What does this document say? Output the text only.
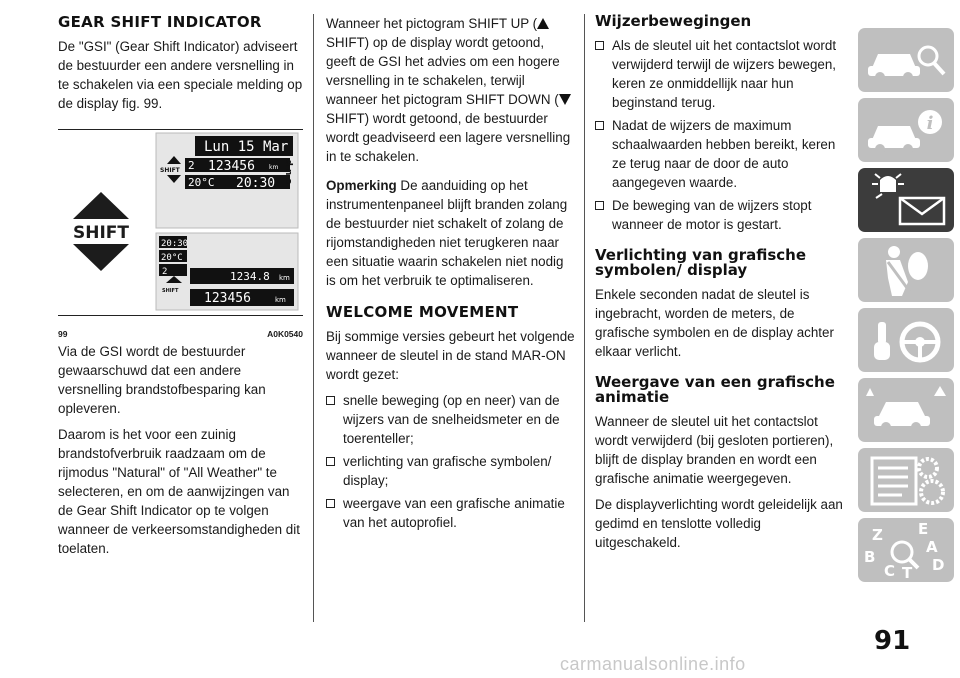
GEAR SHIFT INDICATOR

De "GSI" (Gear Shift Indicator) adviseert de bestuurder een andere versnelling in te schakelen via een speciale melding op de display fig. 99.

SHIFT
Lun 15 Mar
SHIFT 2 123456 km
20°C 20:30 d n a
20:30
20°C
2	1234.8 km
SHIFT 123456	km
99	A0K0540

Via de GSI wordt de bestuurder gewaarschuwd dat een andere versnelling brandstofbesparing kan opleveren.

Daarom is het voor een zuinig brandstofverbruik raadzaam om de rijmodus "Natural" of "All Weather" te selecteren, en om de aanwijzingen van de Gear Shift Indicator op te volgen wanneer de verkeersomstandigheden dit toelaten.

Wanneer het pictogram SHIFT UP (
SHIFT) op de display wordt getoond, geeft de GSI het advies om een hogere versnelling in te schakelen, terwijl wanneer het pictogram SHIFT DOWN ( SHIFT) wordt getoond, de bestuurder wordt geadviseerd een lagere versnelling in te schakelen.

Opmerking De aanduiding op het instrumentenpaneel blijft branden zolang de bestuurder niet schakelt of zolang de rijomstandigheden niet terugkeren naar een situatie waarin schakelen niet nodig is om het verbruik te optimaliseren.

WELCOME MOVEMENT

Bij sommige versies gebeurt het volgende wanneer de sleutel in de stand MAR-ON wordt gezet:

snelle beweging (op en neer) van de wijzers van de snelheidsmeter en de toerenteller;
verlichting van grafische symbolen/ display;
weergave van een grafische animatie van het autoprofiel.
Wijzerbewegingen
Als de sleutel uit het contactslot wordt verwijderd terwijl de wijzers bewegen, keren ze onmiddellijk naar hun beginstand terug.
Nadat de wijzers de maximum schaalwaarden hebben bereikt, keren ze terug naar de door de auto aangegeven waarde.
De beweging van de wijzers stopt wanneer de motor is gestart.
Verlichting van grafische symbolen/ display

Enkele seconden nadat de sleutel is ingebracht, worden de meters, de grafische symbolen en de display achter elkaar verlicht.

Weergave van een grafische animatie

Wanneer de sleutel uit het contactslot wordt verwijderd (bij gesloten portieren), blijft de display branden en wordt een grafische animatie weergegeven.

De displayverlichting wordt geleidelijk aan gedimd en tenslotte volledig uitgeschakeld.

i
Z E
A
B
C T D
91
carmanualsonline.info
